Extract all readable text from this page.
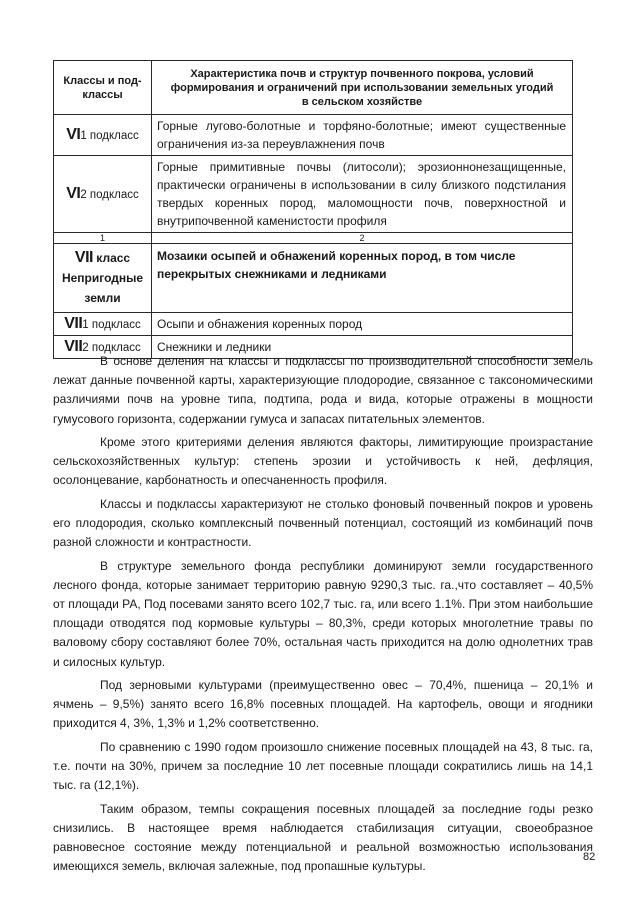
Классы и под-
классы	Характеристика почв и структур почвенного покрова, условий формирования и ограничений при использовании земельных угодий в сельском хозяйстве
VI1 подкласс	Горные лугово-болотные и торфяно-болотные; имеют существенные ограничения из-за переувлажнения почв
VI2 подкласс	Горные примитивные почвы (литосоли); эрозионнонезащищенные, практически ограничены в использовании в силу близкого подстилания твердых коренных пород, маломощности почв, поверхностной и внутрипочвенной каменистости профиля
1	2

VII класс
Непригодные
земли	Мозаики осыпей и обнажений коренных пород, в том числе перекрытых снежниками и ледниками
VII1 подкласс	Осыпи и обнажения коренных пород
VII2 подкласс	Снежники и ледники

В основе деления на классы и подклассы по производительной способности земель лежат данные почвенной карты, характеризующие плодородие, связанное с таксономическими различиями почв на уровне типа, подтипа, рода и вида, которые отражены в мощности гумусового горизонта, содержании гумуса и запасах питательных элементов.

Кроме этого критериями деления являются факторы, лимитирующие произрастание сельскохозяйственных культур: степень эрозии и устойчивость к ней, дефляция, осолонцевание, карбонатность и опесчаненность профиля.

Классы и подклассы характеризуют не столько фоновый почвенный покров и уровень его плодородия, сколько комплексный почвенный потенциал, состоящий из комбинаций почв разной сложности и контрастности.

В структуре земельного фонда республики доминируют земли государственного лесного фонда, которые занимает территорию равную 9290,3 тыс. га.,что составляет – 40,5% от площади РА, Под посевами занято всего 102,7 тыс. га, или всего 1.1%. При этом наибольшие площади отводятся под кормовые культуры – 80,3%, среди которых многолетние травы по валовому сбору составляют более 70%, остальная часть приходится на долю однолетних трав и силосных культур.

Под зерновыми культурами (преимущественно овес – 70,4%, пшеница – 20,1% и ячмень – 9,5%) занято всего 16,8% посевных площадей. На картофель, овощи и ягодники приходится 4, 3%, 1,3% и 1,2% соответственно.

По сравнению с 1990 годом произошло снижение посевных площадей на 43, 8 тыс. га, т.е. почти на 30%, причем за последние 10 лет посевные площади сократились лишь на 14,1 тыс. га (12,1%).

Таким образом, темпы сокращения посевных площадей за последние годы резко снизились. В настоящее время наблюдается стабилизация ситуации, своеобразное равновесное состояние между потенциальной и реальной возможностью использования имеющихся земель, включая залежные, под пропашные культуры.

82
